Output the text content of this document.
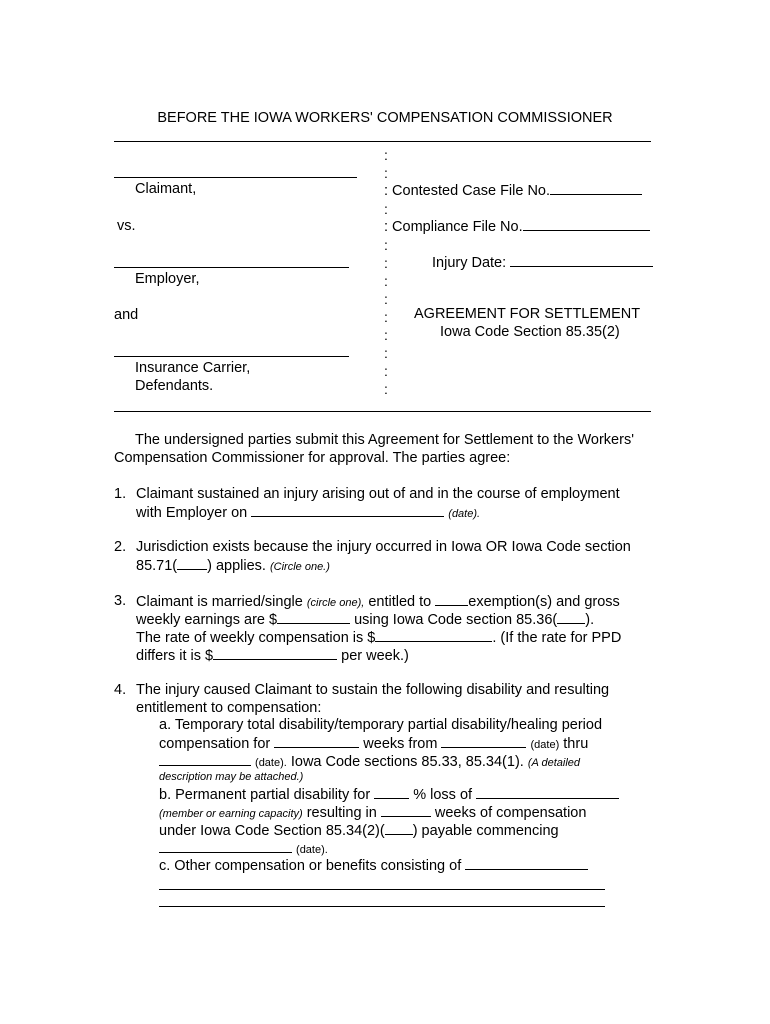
BEFORE THE IOWA WORKERS' COMPENSATION COMMISSIONER
:
:
:
:
:
:
:
:
:
:
:
:
Claimant,
vs.
Employer,
and
Insurance Carrier,
Defendants.
: Contested Case File No.
: Compliance File No.
Injury Date:
AGREEMENT FOR SETTLEMENT
Iowa Code Section 85.35(2)
The undersigned parties submit this Agreement for Settlement to the Workers'
Compensation Commissioner for approval. The parties agree:
1. Claimant sustained an injury arising out of and in the course of employment
with Employer on	(date).
2. Jurisdiction exists because the injury occurred in Iowa OR Iowa Code section
85.71( ) applies. (Circle one.)
3. Claimant is married/single (circle one), entitled to	exemption(s) and gross
weekly earnings are $	using Iowa Code section 85.36( ).
The rate of weekly compensation is $	. (If the rate for PPD
differs it is $	per week.)
4. The injury caused Claimant to sustain the following disability and resulting
entitlement to compensation:
a. Temporary total disability/temporary partial disability/healing period
compensation for	weeks from	(date) thru
(date). Iowa Code sections 85.33, 85.34(1). (A detailed
description may be attached.)
b. Permanent partial disability for	% loss of
(member or earning capacity) resulting in	weeks of compensation
under Iowa Code Section 85.34(2)( ) payable commencing
(date).
c. Other compensation or benefits consisting of
